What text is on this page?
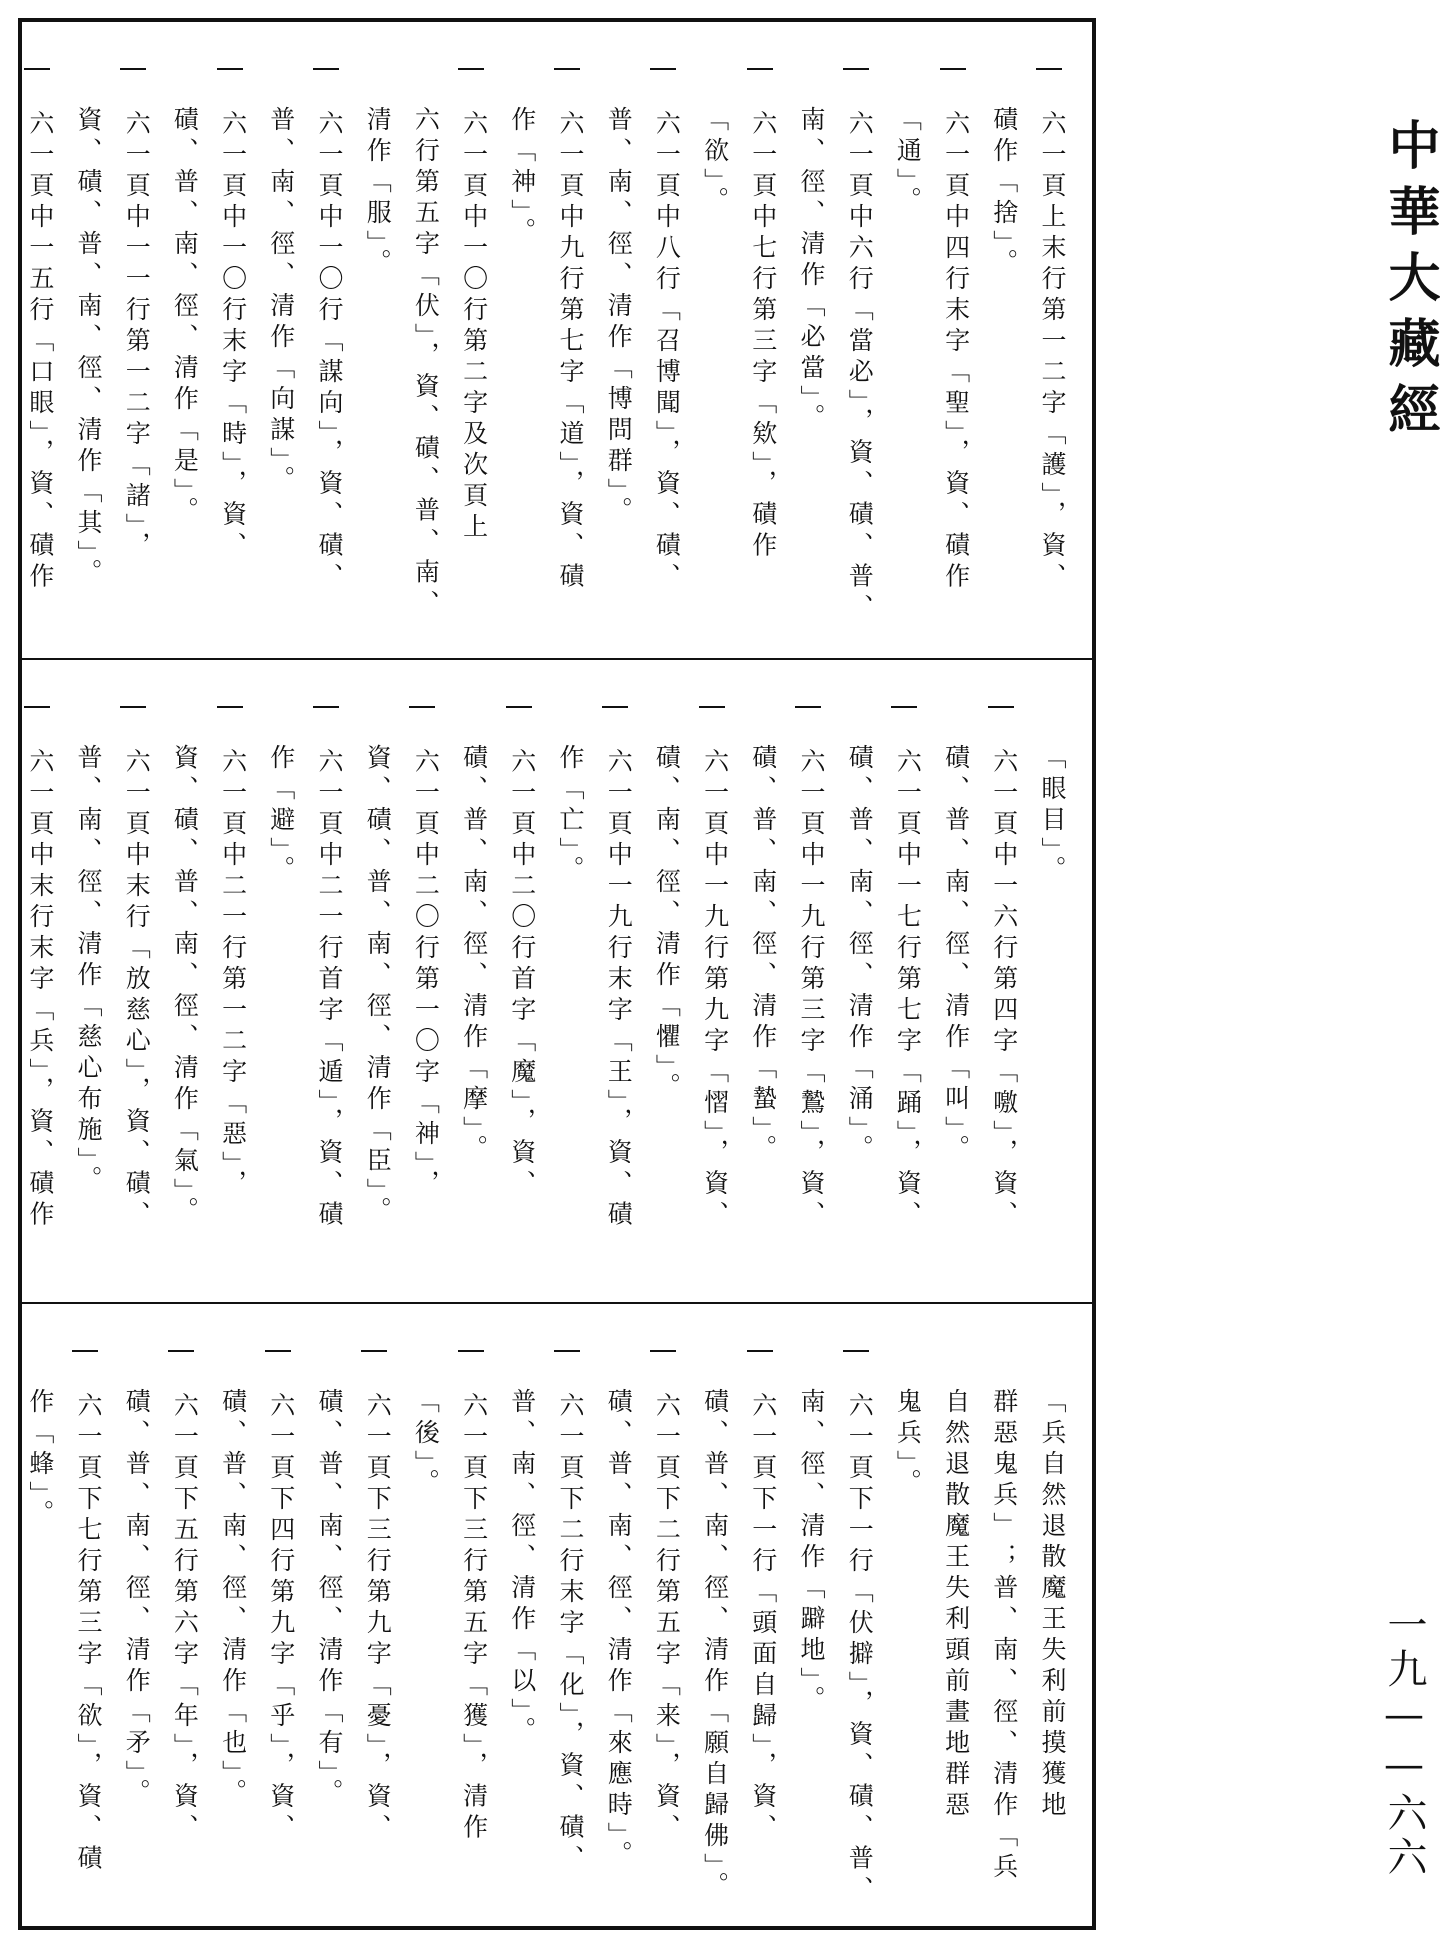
六一頁上末行第一二字「護」，資、
磧作「捨」。
六一頁中四行末字「聖」，資、磧作
「通」。
六一頁中六行「當必」，資、磧、普、
南、徑、清作「必當」。
六一頁中七行第三字「欸」，磧作
「欲」。
六一頁中八行「召博聞」，資、磧、
普、南、徑、清作「博問群」。
六一頁中九行第七字「道」，資、磧
作「神」。
六一頁中一〇行第二字及次頁上
六行第五字「伏」，資、磧、普、南、
清作「服」。
六一頁中一〇行「謀向」，資、磧、
普、南、徑、清作「向謀」。
六一頁中一〇行末字「時」，資、
磧、普、南、徑、清作「是」。
六一頁中一一行第一二字「諸」，
資、磧、普、南、徑、清作「其」。
六一頁中一五行「口眼」，資、磧作
「眼目」。
六一頁中一六行第四字「噭」，資、
磧、普、南、徑、清作「叫」。
六一頁中一七行第七字「踊」，資、
磧、普、南、徑、清作「涌」。
六一頁中一九行第三字「鷙」，資、
磧、普、南、徑、清作「蟄」。
六一頁中一九行第九字「慴」，資、
磧、南、徑、清作「懼」。
六一頁中一九行末字「王」，資、磧
作「亡」。
六一頁中二〇行首字「魔」，資、
磧、普、南、徑、清作「摩」。
六一頁中二〇行第一〇字「神」，
資、磧、普、南、徑、清作「臣」。
六一頁中二一行首字「遁」，資、磧
作「避」。
六一頁中二一行第一二字「惡」，
資、磧、普、南、徑、清作「氣」。
六一頁中末行「放慈心」，資、磧、
普、南、徑、清作「慈心布施」。
六一頁中末行末字「兵」，資、磧作
「兵自然退散魔王失利前摸獲地
群惡鬼兵」；普、南、徑、清作「兵
自然退散魔王失利頭前畫地群惡
鬼兵」。
六一頁下一行「伏擗」，資、磧、普、
南、徑、清作「躃地」。
六一頁下一行「頭面自歸」，資、
磧、普、南、徑、清作「願自歸佛」。
六一頁下二行第五字「来」，資、
磧、普、南、徑、清作「來應時」。
六一頁下二行末字「化」，資、磧、
普、南、徑、清作「以」。
六一頁下三行第五字「獲」，清作
「後」。
六一頁下三行第九字「憂」，資、
磧、普、南、徑、清作「有」。
六一頁下四行第九字「乎」，資、
磧、普、南、徑、清作「也」。
六一頁下五行第六字「年」，資、
磧、普、南、徑、清作「矛」。
六一頁下七行第三字「欲」，資、磧
作「蜂」。
中華大藏經
一九——六六
